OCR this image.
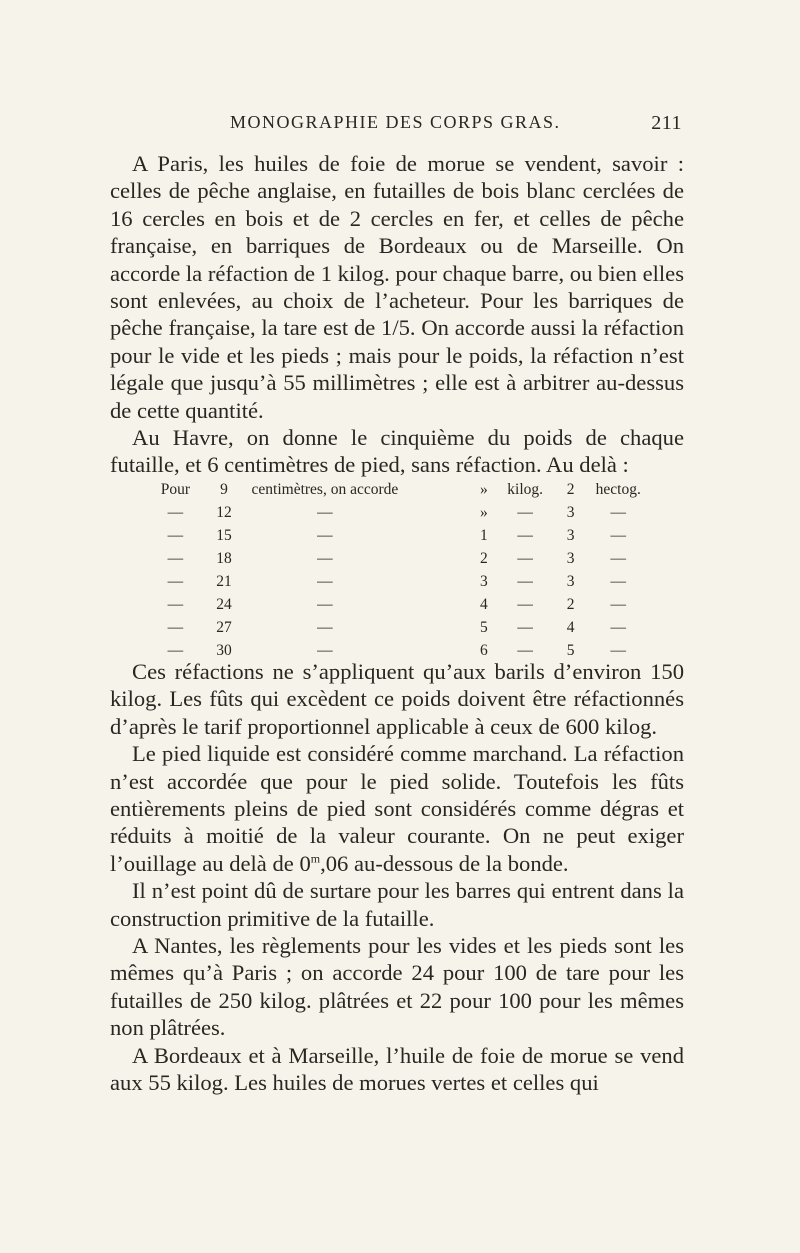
MONOGRAPHIE DES CORPS GRAS.	211

A Paris, les huiles de foie de morue se vendent, savoir : celles de pêche anglaise, en futailles de bois blanc cerclées de 16 cercles en bois et de 2 cercles en fer, et celles de pêche française, en barriques de Bordeaux ou de Marseille. On accorde la réfaction de 1 kilog. pour chaque barre, ou bien elles sont enlevées, au choix de l’acheteur. Pour les barriques de pêche française, la tare est de 1/5. On accorde aussi la réfaction pour le vide et les pieds ; mais pour le poids, la réfaction n’est légale que jusqu’à 55 millimètres ; elle est à arbitrer au-dessus de cette quantité.

Au Havre, on donne le cinquième du poids de chaque futaille, et 6 centimètres de pied, sans réfaction. Au delà :

Pour	9	centimètres, on accorde		»	kilog.	2	hectog.
—	12	—		»	—	3	—
—	15	—		1	—	3	—
—	18	—		2	—	3	—
—	21	—		3	—	3	—
—	24	—		4	—	2	—
—	27	—		5	—	4	—
—	30	—		6	—	5	—

Ces réfactions ne s’appliquent qu’aux barils d’environ 150 kilog. Les fûts qui excèdent ce poids doivent être réfactionnés d’après le tarif proportionnel applicable à ceux de 600 kilog.

Le pied liquide est considéré comme marchand. La réfaction n’est accordée que pour le pied solide. Toutefois les fûts entièrements pleins de pied sont considérés comme dégras et réduits à moitié de la valeur courante. On ne peut exiger l’ouillage au delà de 0$^m$,06 au-dessous de la bonde.

Il n’est point dû de surtare pour les barres qui entrent dans la construction primitive de la futaille.

A Nantes, les règlements pour les vides et les pieds sont les mêmes qu’à Paris ; on accorde 24 pour 100 de tare pour les futailles de 250 kilog. plâtrées et 22 pour 100 pour les mêmes non plâtrées.

A Bordeaux et à Marseille, l’huile de foie de morue se vend aux 55 kilog. Les huiles de morues vertes et celles qui
